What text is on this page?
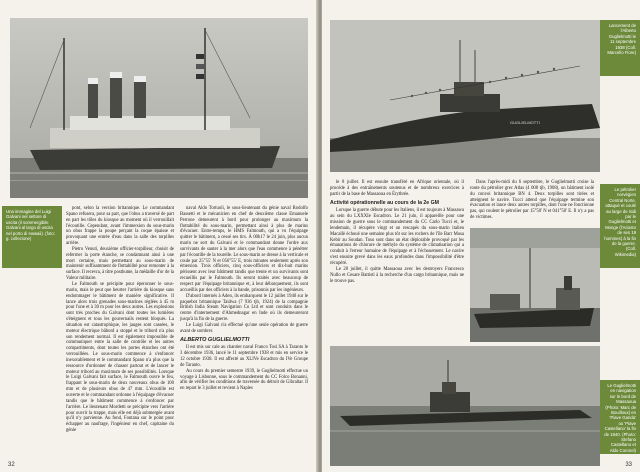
Una immagine del Luigi Galvani nel settore di uscita (il sommergibile Galvani al largo di uscita nel porto di Hawaii). (foto: g. collezione)

pont, selon la version britannique. Le commandant Spano refusera, pour sa part, que l'obus a traversé de part en part les tôles du kiosque au moment où il verrouillait l'écoutille. Cependant, avant l'immersion du sous-marin un obus frappe la poupe perçant la coque épaisse et provoquant une entrée d'eau dans la salle des torpilles arrière.

Pietro Venuti, deuxième officier-torpilleur, choisit de refermer la porte étanche, se condamnant ainsi à une mort certaine, mais permettant au sous-marin de maintenir suffisamment de flottabilité pour remonter à la surface. Il recevra, à titre posthume, la médaille d'or de la Valeur militaire.

Le Falmouth se précipite pour éperonner le sous-marin, mais le peut que heurter l'arrière du kiosque sans endommager le bâtiment de manière significative. Il lance alors trois grenades sous-marines réglées à 45 m pour l'une et à 30 m pour les deux autres. Les explosions sont très proches du Galvani dont toutes les lumières s'éteignent et tous les gouvernails restent bloqués. La situation est catastrophique, les jauges sont cassées, le moteur électrique bâbord a stoppé et le tribord n'a plus son rendement normal. Il est également impossible de communiquer entre la salle de contrôle et les autres compartiments, dont toutes les portes étanches ont été verrouillées. Le sous-marin commence à s'enfoncer inexorablement et le commandant Spano n'a plus que la ressource d'ordonner de chasser partout et de lancer le moteur tribord au maximum de ses possibilités. Lorsque le Luigi Galvani fait surface, le Falmouth ouvre le feu, frappant le sous-marin de deux nouveaux obus de 100 mm et de plusieurs obus de 47 mm. L'écoutille est ouverte et le commandant ordonne à l'équipage d'évacuer tandis que le bâtiment commence à s'enfoncer par l'arrière. Le lieutenant Mordetti se précipite vers l'arrière pour ouvrir la trappe, mais elle est déjà submergée avant qu'il n'y parvienne. Au fond, Fontana sur le point pour échapper au naufrage, l'ingénieur en chef, capitaine du génie

naval Aldo Tortuoli, le sous-lieutenant du génie naval Rodolfo Bassetti et le mécanicien en chef de deuxième classe Emanuele Perrone demeurent à bord pour prolonger au maximum la flottabilité du sous-marin, permettant ainsi à plus de marins d'évacuer. Entre-temps, le HMS Falmouth, qui a vu l'équipage quitter le bâtiment, a cessé ses tirs. À 00h17 le 24 juin, plus aucun marin ne sort du Galvani et le commandant donne l'ordre aux survivants de sauter à la mer alors que l'eau commence à pénétrer par l'écoutille de la tourelle. Le sous-marin se dresse à la verticale et coule par 25°55' N et 056°55' E, trois minutes seulement après son émersion. Trois officiers, cinq sous-officiers et dix-huit marins périssent avec leur bâtiment tandis que trente et un survivants sont recueillis par le Falmouth. Ils seront traités avec beaucoup de respect par l'équipage britannique et, à leur débarquement, ils sont accueillis par des officiers à la bande, prisonnis par les ingénieurs.

D'abord internés à Aden, ils embarquent le 12 juillet 1940 sur le paquebot britannique Taidwa (7 936 tjb, 1924) de la compagnie British India Steam Navigation Co Ltd et sont conduits dans le centre d'internement d'Ahmednagar en Inde où ils demeureront jusqu'à la fin de la guerre.

Le Luigi Galvani n'a effectué qu'une seule opération de guerre avant de sombrer.

ALBERTO GUGLIELMOTTI

Il est mis sur cale au chantier naval Franco Tosi SA à Taranto le 3 décembre 1936, lancé le 11 septembre 1938 et mis en service le 12 octobre 1938. Il est affecté au XLIVe Escadron du IVe Groupe de Taranto.

Au cours du premier semestre 1939, le Guglielmotti effectue un voyage à Lisbonne, sous le commandement du CC Folco Bonanni, afin de vérifier les conditions de traversée du détroit de Gibraltar. Il en repart le 3 juillet et revient à Naples

32
GUGLIELMOTTI
Lancement de l'Alberto Guglielmotti le 11 septembre 1938 (Coll. Marcello Fiore)

le 8 juillet. Il est ensuite transféré en Afrique orientale, où il procède à des entraînements soutenus et de nombreux exercices à partir de la base de Massaoua en Érythrée.

Activité opérationnelle au cours de la 2e GM

Lorsque la guerre débute pour les Italiens, il est toujours à Massawa au sein du LXXXIe Escadron. Le 21 juin, il appareille pour une mission de guerre sous le commandement du CC Carlo Tucci et, le lendemain, il récupère vingt et un rescapés du sous-marin italien Macallè échoué une semaine plus tôt sur les rochers de l'île Barr Musa Kebir au Soudan. Tous sont dans un état déplorable provoqué par les émanations de chlorure de méthyle du système de climatisation qui a conduit à l'erreur humaine de l'équipage et à l'échouement. Le navire s'est ensuite grevé dans les eaux profondes dans l'impossibilité d'être récupéré.

Le 20 juillet, il quitte Massaoua avec les destroyers Francesco Nullo et Cesare Battisti à la recherche d'un cargo britannique, mais ne le trouve pas.

Dans l'après-midi du 6 septembre, le Guglielmotti croise la route du pétrolier grec Atlas (4 008 tjb, 1908), un bâtiment isolé du convoi britannique BN 4. Deux torpilles sont tirées et atteignent le navire. Tucci attend que l'équipage termine son évacuation et lance deux autres torpilles, dont l'une ne fonctionne pas, qui coulent le pétrolier par 15°50' N et 041°50' E. Il n'y a pas de victimes.

Le pétrolier norvégien Central Norte, attaqué et coulé au large de Sidi par le Guglielmotti et Monge (l'Ariosto de ses 19 hommes) à la fin de la guerre. (Coll. Wikimedia)
Le Guglielmotti en navigation sur le bord de Massaoua (Photo: Marc de Bouilloux) en 'Piave Ganda' ou 'Piave Castellano' la fin de 1940. (Photo: Stefano Castellano et Aldo Coronel)
33
